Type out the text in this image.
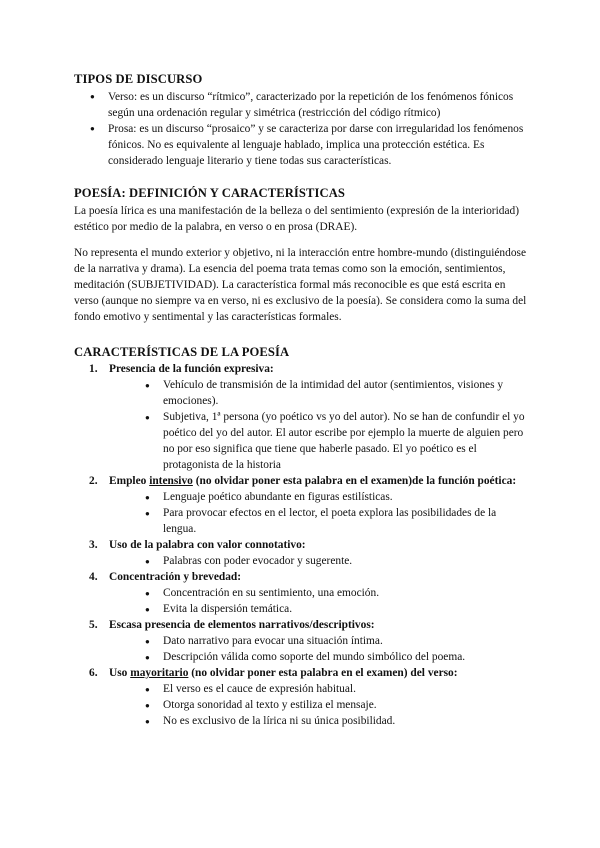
TIPOS DE DISCURSO
● Verso: es un discurso “rítmico”, caracterizado por la repetición de los fenómenos fónicos según una ordenación regular y simétrica (restricción del código rítmico)
● Prosa: es un discurso “prosaico” y se caracteriza por darse con irregularidad los fenómenos fónicos. No es equivalente al lenguaje hablado, implica una protección estética. Es considerado lenguaje literario y tiene todas sus características.
POESÍA: DEFINICIÓN Y CARACTERÍSTICAS

La poesía lírica es una manifestación de la belleza o del sentimiento (expresión de la interioridad) estético por medio de la palabra, en verso o en prosa (DRAE).

No representa el mundo exterior y objetivo, ni la interacción entre hombre-mundo (distinguiéndose de la narrativa y drama). La esencia del poema trata temas como son la emoción, sentimientos, meditación (SUBJETIVIDAD). La característica formal más reconocible es que está escrita en verso (aunque no siempre va en verso, ni es exclusivo de la poesía). Se considera como la suma del fondo emotivo y sentimental y las características formales.

CARACTERÍSTICAS DE LA POESÍA
1. Presencia de la función expresiva:
● Vehículo de transmisión de la intimidad del autor (sentimientos, visiones y emociones).
● Subjetiva, 1ª persona (yo poético vs yo del autor). No se han de confundir el yo poético del yo del autor. El autor escribe por ejemplo la muerte de alguien pero no por eso significa que tiene que haberle pasado. El yo poético es el protagonista de la historia
2. Empleo intensivo (no olvidar poner esta palabra en el examen)de la función poética:
● Lenguaje poético abundante en figuras estilísticas.
● Para provocar efectos en el lector, el poeta explora las posibilidades de la lengua.
3. Uso de la palabra con valor connotativo:
● Palabras con poder evocador y sugerente.
4. Concentración y brevedad:
● Concentración en su sentimiento, una emoción.
● Evita la dispersión temática.
5. Escasa presencia de elementos narrativos/descriptivos:
● Dato narrativo para evocar una situación íntima.
● Descripción válida como soporte del mundo simbólico del poema.
6. Uso mayoritario (no olvidar poner esta palabra en el examen) del verso:
● El verso es el cauce de expresión habitual.
● Otorga sonoridad al texto y estiliza el mensaje.
● No es exclusivo de la lírica ni su única posibilidad.
